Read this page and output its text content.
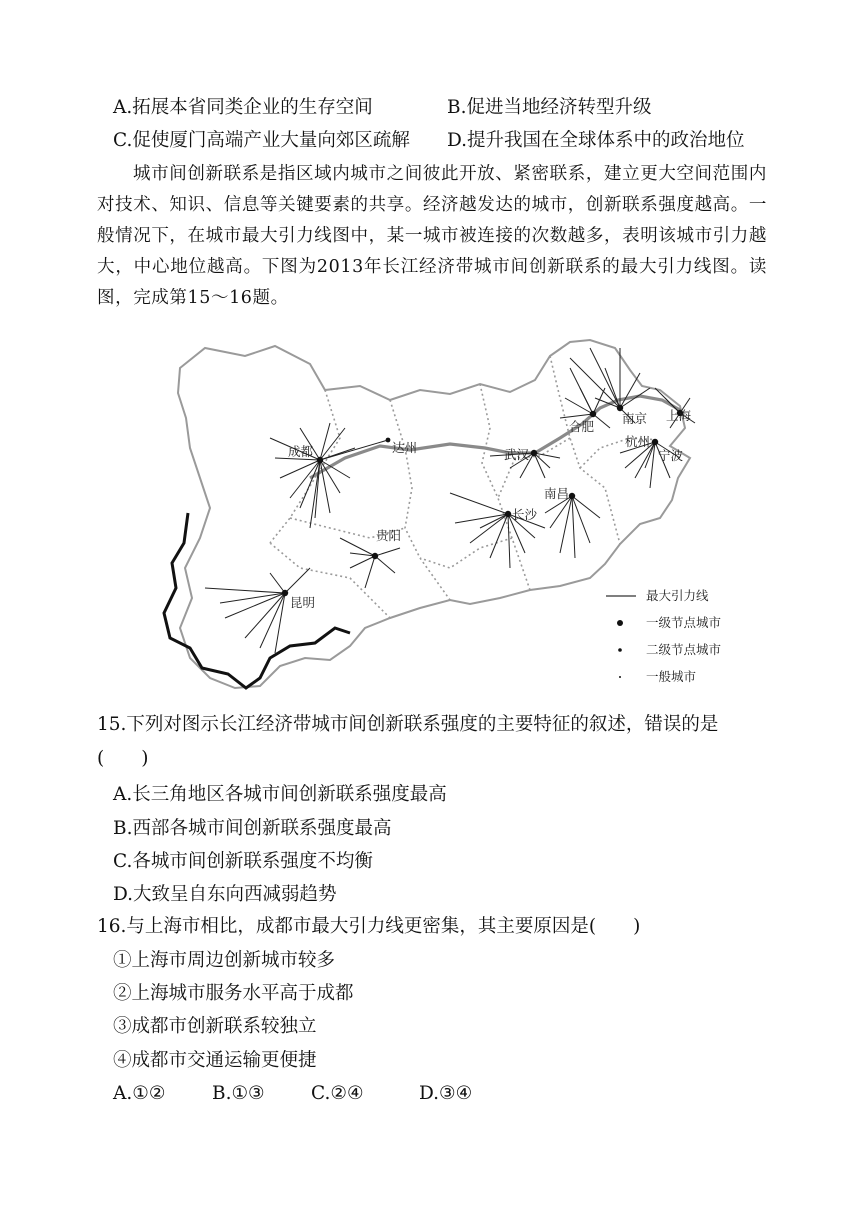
A.拓展本省同类企业的生存空间	B.促进当地经济转型升级
C.促使厦门高端产业大量向郊区疏解 D.提升我国在全球体系中的政治地位

城市间创新联系是指区域内城市之间彼此开放、紧密联系，建立更大空间范围内对技术、知识、信息等关键要素的共享。经济越发达的城市，创新联系强度越高。一般情况下，在城市最大引力线图中，某一城市被连接的次数越多，表明该城市引力越大，中心地位越高。下图为2013年长江经济带城市间创新联系的最大引力线图。读图，完成第15～16题。

成都	达州	武汉
合肥
南京 上海
杭州
宁波
南昌
长沙
贵阳
昆明	最大引力线
一级节点城市
二级节点城市
一般城市
15.下列对图示长江经济带城市间创新联系强度的主要特征的叙述，错误的是
(　　)
A.长三角地区各城市间创新联系强度最高
B.西部各城市间创新联系强度最高
C.各城市间创新联系强度不均衡
D.大致呈自东向西减弱趋势
16.与上海市相比，成都市最大引力线更密集，其主要原因是(　　)
①上海市周边创新城市较多
②上海城市服务水平高于成都
③成都市创新联系较独立
④成都市交通运输更便捷
A.①②	B.①③	C.②④	D.③④
